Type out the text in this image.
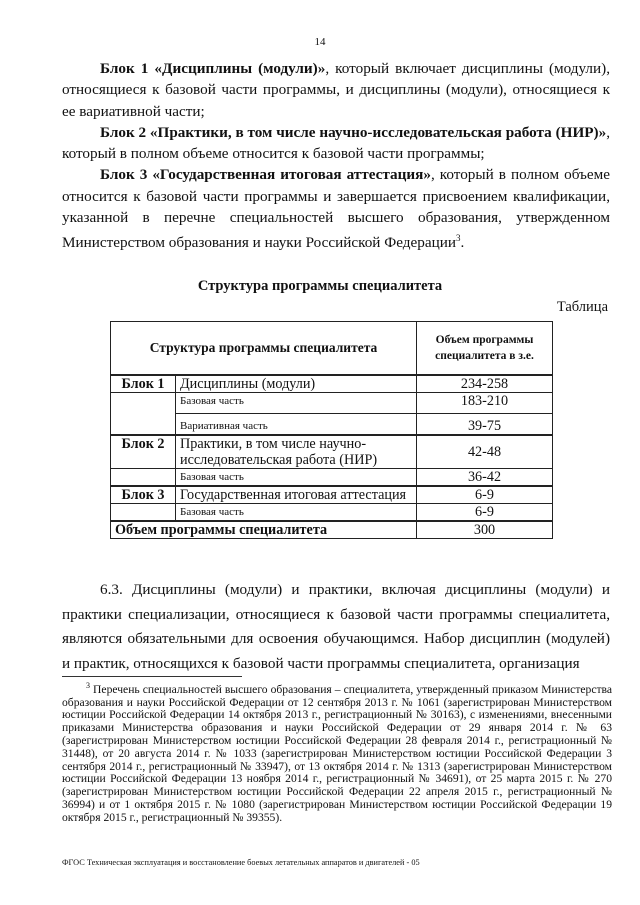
14

Блок 1 «Дисциплины (модули)», который включает дисциплины (модули), относящиеся к базовой части программы, и дисциплины (модули), относящиеся к ее вариативной части;

Блок 2 «Практики, в том числе научно-исследовательская работа (НИР)», который в полном объеме относится к базовой части программы;

Блок 3 «Государственная итоговая аттестация», который в полном объеме относится к базовой части программы и завершается присвоением квалификации, указанной в перечне специальностей высшего образования, утвержденном Министерством образования и науки Российской Федерации$^3$.

Структура программы специалитета
Таблица
Структура программы специалитета		Объем программы специалитета в з.е.
Блок 1	Дисциплины (модули)	234-258
	Базовая часть	183-210
	Вариативная часть	39-75
Блок 2	Практики, в том числе научно-исследовательская работа (НИР)	42-48
	Базовая часть	36-42
Блок 3	Государственная итоговая аттестация	6-9
	Базовая часть	6-9
Объем программы специалитета		300

6.3. Дисциплины (модули) и практики, включая дисциплины (модули) и практики специализации, относящиеся к базовой части программы специалитета, являются обязательными для освоения обучающимся. Набор дисциплин (модулей) и практик, относящихся к базовой части программы специалитета, организация

$^3$ Перечень специальностей высшего образования – специалитета, утвержденный приказом Министерства образования и науки Российской Федерации от 12 сентября 2013 г. № 1061 (зарегистрирован Министерством юстиции Российской Федерации 14 октября 2013 г., регистрационный № 30163), с изменениями, внесенными приказами Министерства образования и науки Российской Федерации от 29 января 2014 г. № 63 (зарегистрирован Министерством юстиции Российской Федерации 28 февраля 2014 г., регистрационный № 31448), от 20 августа 2014 г. № 1033 (зарегистрирован Министерством юстиции Российской Федерации 3 сентября 2014 г., регистрационный № 33947), от 13 октября 2014 г. № 1313 (зарегистрирован Министерством юстиции Российской Федерации 13 ноября 2014 г., регистрационный № 34691), от 25 марта 2015 г. № 270 (зарегистрирован Министерством юстиции Российской Федерации 22 апреля 2015 г., регистрационный № 36994) и от 1 октября 2015 г. № 1080 (зарегистрирован Министерством юстиции Российской Федерации 19 октября 2015 г., регистрационный № 39355).

ФГОС Техническая эксплуатация и восстановление боевых летательных аппаратов и двигателей - 05
